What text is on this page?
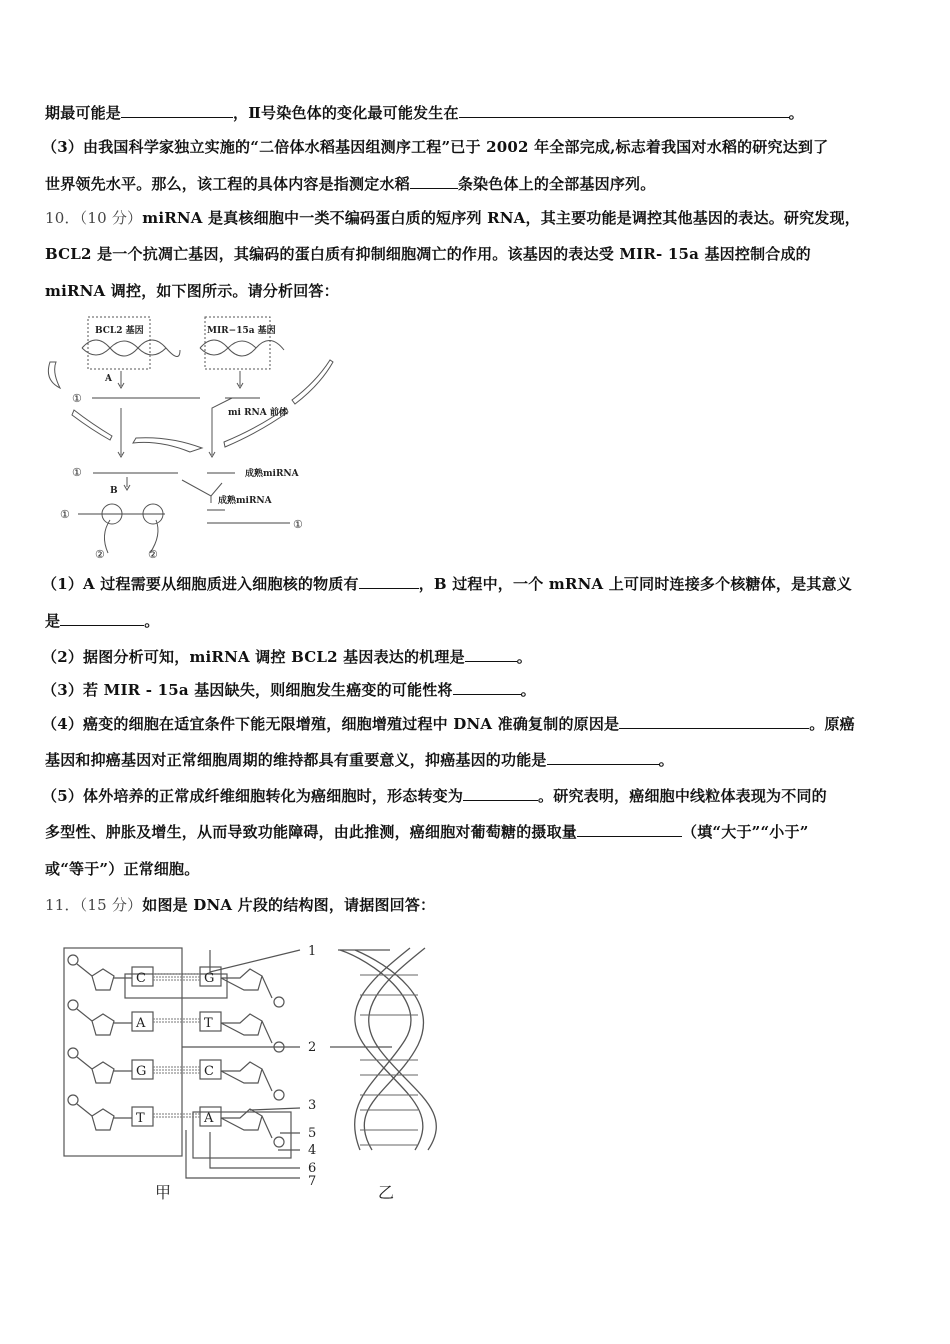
期最可能是	，Ⅱ号染色体的变化最可能发生在	。
（3）由我国科学家独立实施的“二倍体水稻基因组测序工程”已于 2002 年全部完成,标志着我国对水稻的研究达到了
世界领先水平。那么，该工程的具体内容是指测定水稻	条染色体上的全部基因序列。
10．（10 分）miRNA 是真核细胞中一类不编码蛋白质的短序列 RNA，其主要功能是调控其他基因的表达。研究发现，
BCL2 是一个抗凋亡基因，其编码的蛋白质有抑制细胞凋亡的作用。该基因的表达受 MIR- 15a 基因控制合成的
miRNA 调控，如下图所示。请分析回答：
（1）A 过程需要从细胞质进入细胞核的物质有	，B 过程中，一个 mRNA 上可同时连接多个核糖体，是其意义
是	。
（2）据图分析可知，miRNA 调控 BCL2 基因表达的机理是	。
（3）若 MIR - 15a 基因缺失，则细胞发生癌变的可能性将	。
（4）癌变的细胞在适宜条件下能无限增殖，细胞增殖过程中 DNA 准确复制的原因是	。原癌
基因和抑癌基因对正常细胞周期的维持都具有重要意义，抑癌基因的功能是	。
（5）体外培养的正常成纤维细胞转化为癌细胞时，形态转变为	。研究表明，癌细胞中线粒体表现为不同的
多型性、肿胀及增生，从而导致功能障碍，由此推测，癌细胞对葡萄糖的摄取量	（填“大于”“小于”
或“等于”）正常细胞。
11．（15 分）如图是 DNA 片段的结构图，请据图回答：
BCL2 基因	MIR−15a 基因
A
B
①
①
①
①
②	②
mi RNA 前体
成熟miRNA
成熟miRNA
C	G
A	T
G	C
T	A
1
2
3
4
5
6
7
甲	乙
